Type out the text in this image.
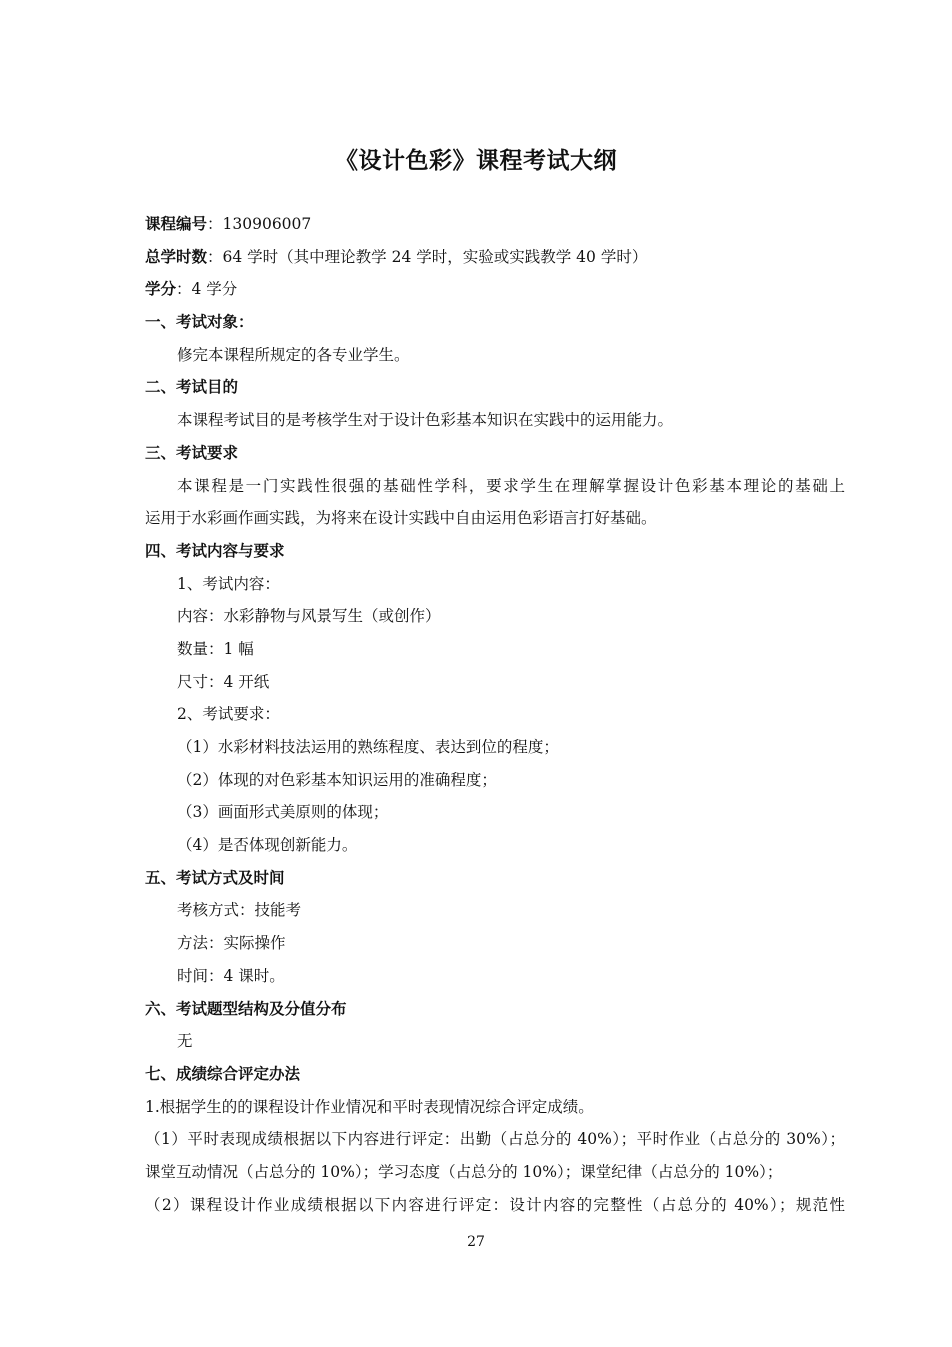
《设计色彩》课程考试大纲
课程编号：130906007
总学时数：64 学时（其中理论教学 24 学时，实验或实践教学 40 学时）
学分：4 学分
一、考试对象：
修完本课程所规定的各专业学生。
二、考试目的
本课程考试目的是考核学生对于设计色彩基本知识在实践中的运用能力。
三、考试要求
本课程是一门实践性很强的基础性学科，要求学生在理解掌握设计色彩基本理论的基础上
运用于水彩画作画实践，为将来在设计实践中自由运用色彩语言打好基础。
四、考试内容与要求
1、考试内容：
内容：水彩静物与风景写生（或创作）
数量：1 幅
尺寸：4 开纸
2、考试要求：
（1）水彩材料技法运用的熟练程度、表达到位的程度；
（2）体现的对色彩基本知识运用的准确程度；
（3）画面形式美原则的体现；
（4）是否体现创新能力。
五、考试方式及时间
考核方式：技能考
方法：实际操作
时间：4 课时。
六、考试题型结构及分值分布
无
七、成绩综合评定办法
1.根据学生的的课程设计作业情况和平时表现情况综合评定成绩。
（1）平时表现成绩根据以下内容进行评定：出勤（占总分的 40%）；平时作业（占总分的 30%）；
课堂互动情况（占总分的 10%）；学习态度（占总分的 10%）；课堂纪律（占总分的 10%）；
（2）课程设计作业成绩根据以下内容进行评定：设计内容的完整性（占总分的 40%）；规范性
27
